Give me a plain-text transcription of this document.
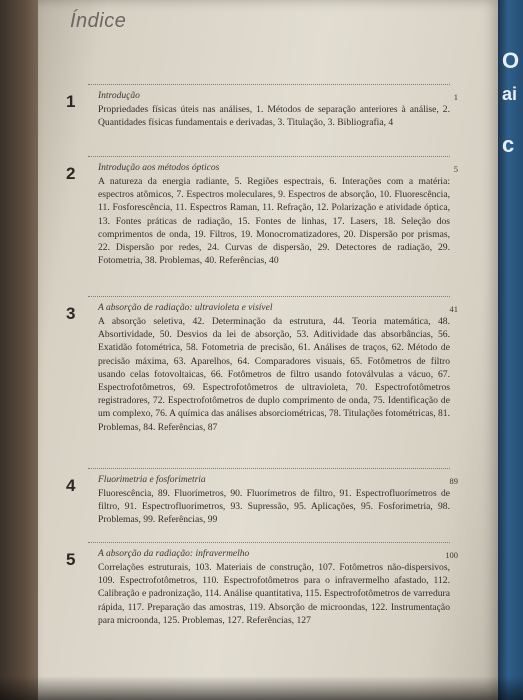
O
ai
c
Índice
1	1
Introdução
Propriedades físicas úteis nas análises, 1. Métodos de separação anteriores à análise, 2. Quantidades físicas fundamentais e derivadas, 3. Titulação, 3. Bibliografia, 4
2	5
Introdução aos métodos ópticos
A natureza da energia radiante, 5. Regiões espectrais, 6. Interações com a matéria: espectros atômicos, 7. Espectros moleculares, 9. Espectros de absorção, 10. Fluorescência, 11. Fosforescência, 11. Espectros Raman, 11. Refração, 12. Polarização e atividade óptica, 13. Fontes práticas de radiação, 15. Fontes de linhas, 17. Lasers, 18. Seleção dos comprimentos de onda, 19. Filtros, 19. Monocromatizadores, 20. Dispersão por prismas, 22. Dispersão por redes, 24. Curvas de dispersão, 29. Detectores de radiação, 29. Fotometria, 38. Problemas, 40. Referências, 40
3	41
A absorção de radiação: ultravioleta e visível
A absorção seletiva, 42. Determinação da estrutura, 44. Teoria matemática, 48. Absortividade, 50. Desvios da lei de absorção, 53. Aditividade das absorbâncias, 56. Exatidão fotométrica, 58. Fotometria de precisão, 61. Análises de traços, 62. Método de precisão máxima, 63. Aparelhos, 64. Comparadores visuais, 65. Fotômetros de filtro usando celas fotovoltaicas, 66. Fotômetros de filtro usando fotoválvulas a vácuo, 67. Espectrofotômetros, 69. Espectrofotômetros de ultravioleta, 70. Espectrofotômetros registradores, 72. Espectrofotômetros de duplo comprimento de onda, 75. Identificação de um complexo, 76. A química das análises absorciométricas, 78. Titulações fotométricas, 81. Problemas, 84. Referências, 87
4	89
Fluorimetria e fosforimetria
Fluorescência, 89. Fluorímetros, 90. Fluorímetros de filtro, 91. Espectrofluorímetros de filtro, 91. Espectrofluorímetros, 93. Supressão, 95. Aplicações, 95. Fosforimetria, 98. Problemas, 99. Referências, 99
5	100
A absorção da radiação: infravermelho
Correlações estruturais, 103. Materiais de construção, 107. Fotômetros não-dispersivos, 109. Espectrofotômetros, 110. Espectrofotômetros para o infravermelho afastado, 112. Calibração e padronização, 114. Análise quantitativa, 115. Espectrofotômetros de varredura rápida, 117. Preparação das amostras, 119. Absorção de microondas, 122. Instrumentação para microonda, 125. Problemas, 127. Referências, 127
